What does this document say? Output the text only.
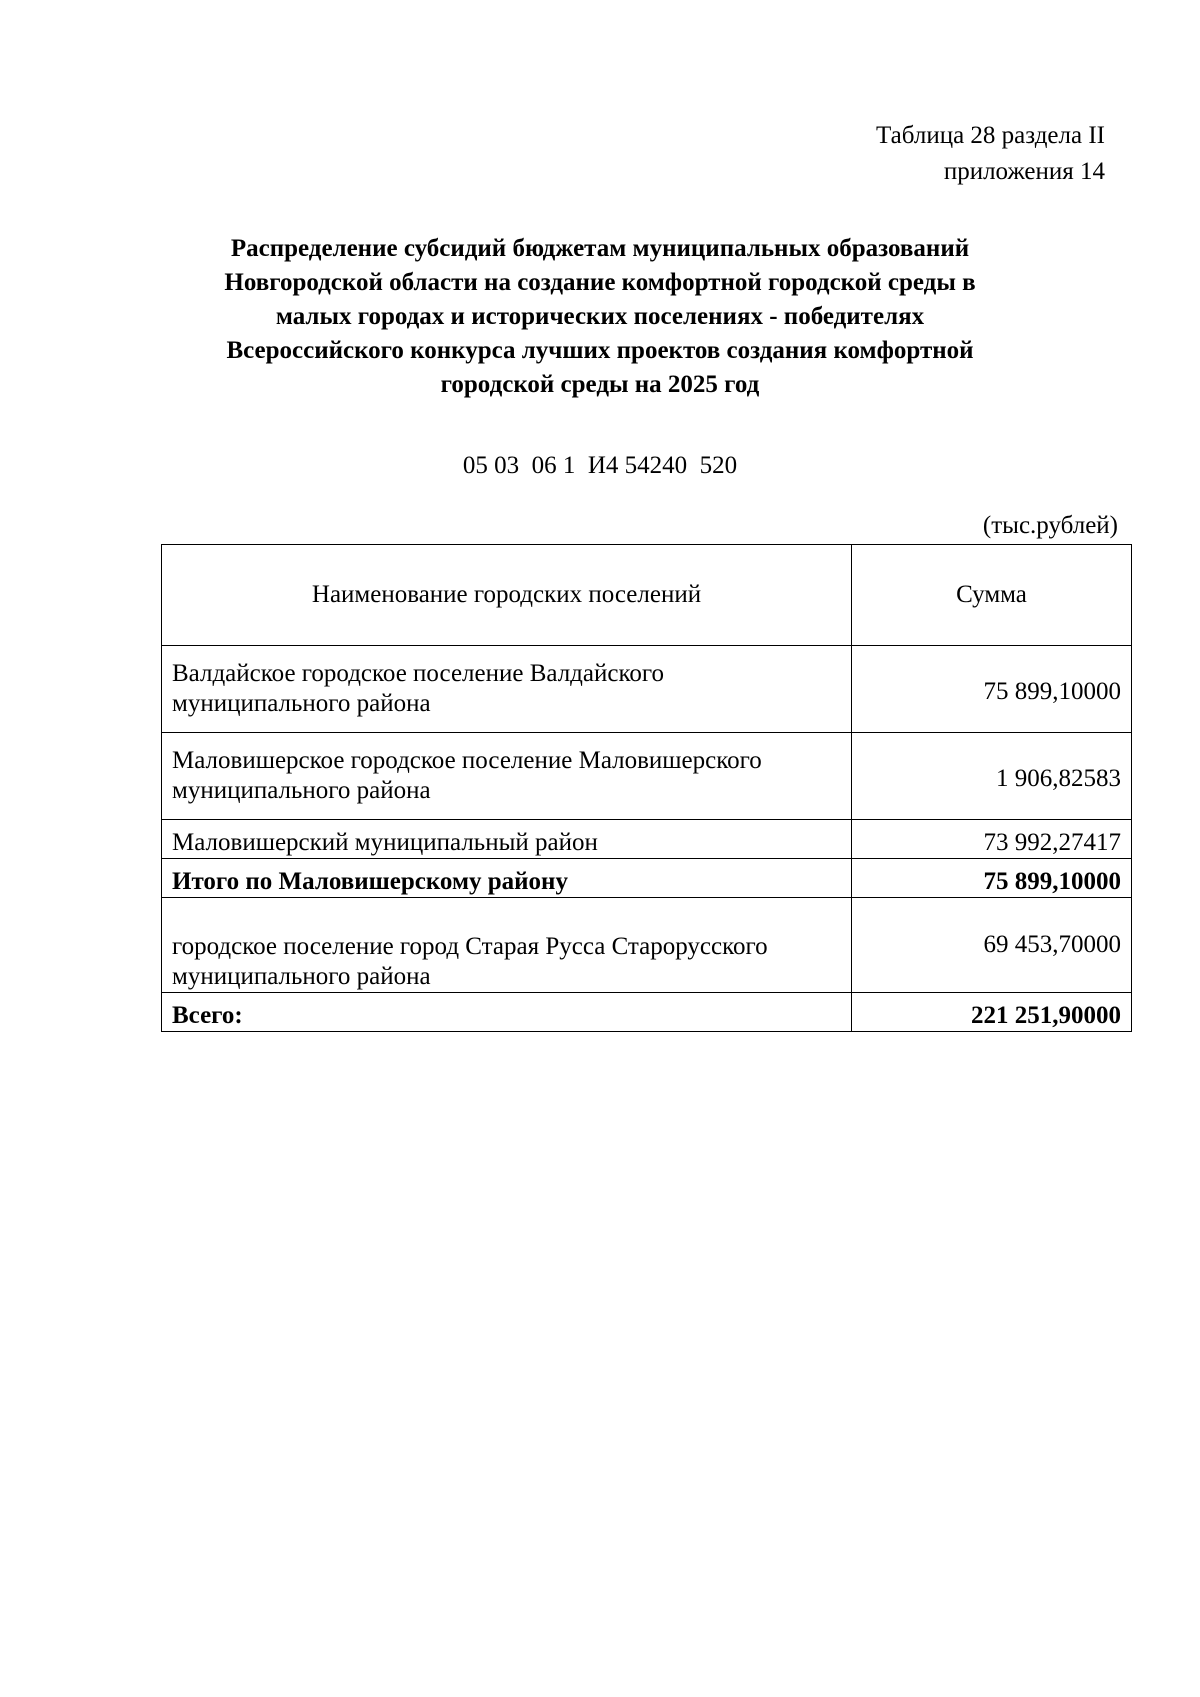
Таблица 28 раздела II
приложения 14
Распределение субсидий бюджетам муниципальных образований
Новгородской области на создание комфортной городской среды в
малых городах и исторических поселениях - победителях
Всероссийского конкурса лучших проектов создания комфортной
городской среды на 2025 год
05 03  06 1  И4 54240  520
(тыс.рублей)
Наименование городских поселений	Сумма
Валдайское городское поселение Валдайского муниципального района	75 899,10000
Маловишерское городское поселение Маловишерского муниципального района	1 906,82583
Маловишерский муниципальный район	73 992,27417
Итого по Маловишерскому району	75 899,10000
городское поселение город Старая Русса Старорусского муниципального района	69 453,70000
Всего:	221 251,90000
